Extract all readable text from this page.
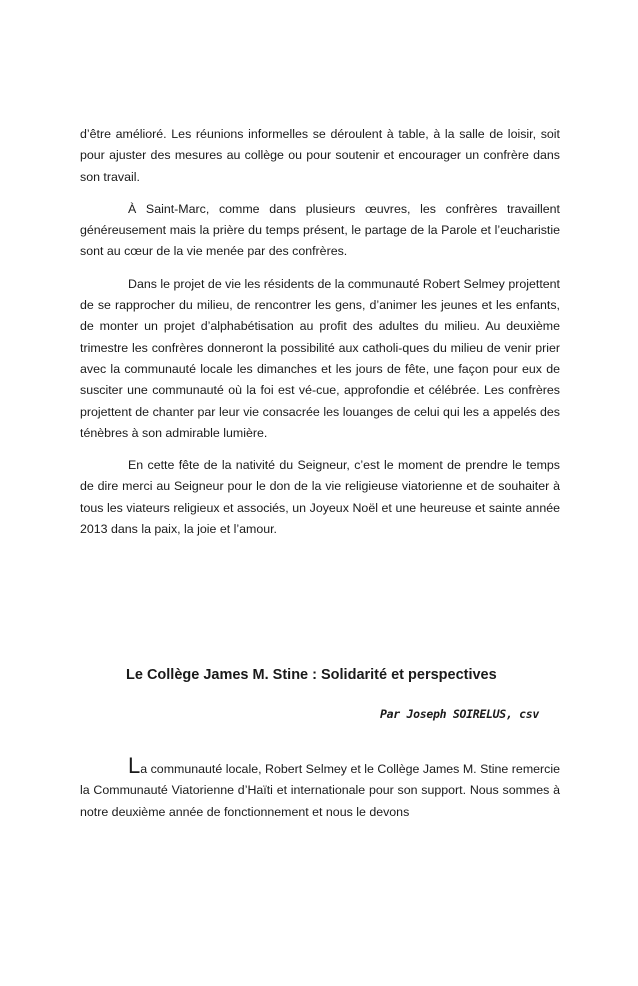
d’être amélioré. Les réunions informelles se déroulent à table, à la salle de loisir, soit pour ajuster des mesures au collège ou pour soutenir et encourager un confrère dans son travail.

À Saint-Marc, comme dans plusieurs œuvres, les confrères travaillent généreusement mais la prière du temps présent, le partage de la Parole et l’eucharistie sont au cœur de la vie menée par des confrères.

Dans le projet de vie les résidents de la communauté Robert Selmey projettent de se rapprocher du milieu, de rencontrer les gens, d’animer les jeunes et les enfants, de monter un projet d’alphabétisation au profit des adultes du milieu. Au deuxième trimestre les confrères donneront la possibilité aux catholi-ques du milieu de venir prier avec la communauté locale les dimanches et les jours de fête, une façon pour eux de susciter une communauté où la foi est vé-cue, approfondie et célébrée. Les confrères projettent de chanter par leur vie consacrée les louanges de celui qui les a appelés des ténèbres à son admirable lumière.

En cette fête de la nativité du Seigneur, c’est le moment de prendre le temps de dire merci au Seigneur pour le don de la vie religieuse viatorienne et de souhaiter à tous les viateurs religieux et associés, un Joyeux Noël et une heureuse et sainte année 2013 dans la paix, la joie et l’amour.

Le Collège James M. Stine : Solidarité et perspectives
Par Joseph SOIRELUS, csv

La communauté locale, Robert Selmey et le Collège James M. Stine remercie la Communauté Viatorienne d’Haïti et internationale pour son support. Nous sommes à notre deuxième année de fonctionnement et nous le devons
